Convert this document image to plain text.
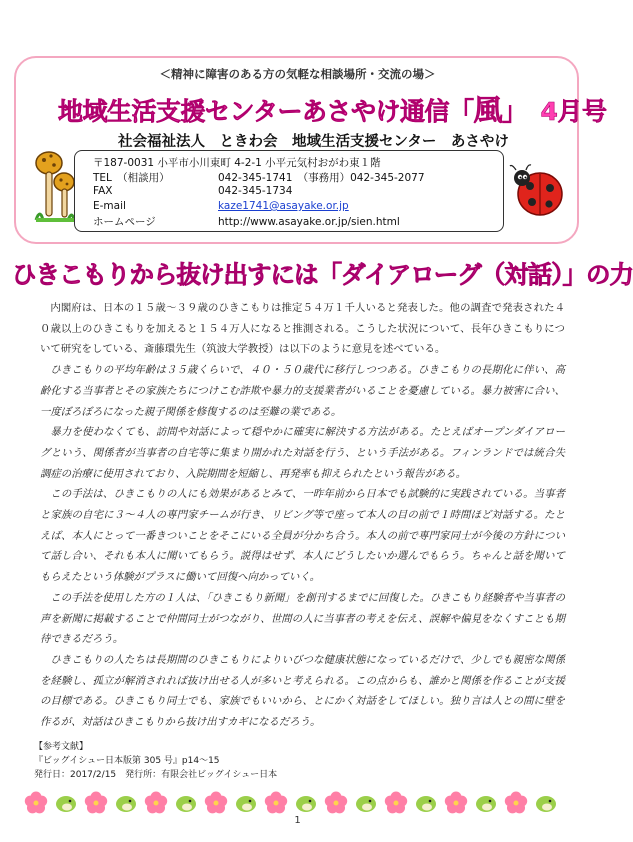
＜精神に障害のある方の気軽な相談場所・交流の場＞
地域生活支援センターあさやけ通信「風」 4月号
社会福祉法人　ときわ会　地域生活支援センター　あさやけ
〒187-0031 小平市小川東町 4-2-1 小平元気村おがわ東１階
TEL　（相談用）	042-345-1741　（事務用）042-345-2077
FAX	042-345-1734
E-mail	kaze1741@asayake.or.jp
ホームページ	http://www.asayake.or.jp/sien.html
ひきこもりから抜け出すには「ダイアローグ（対話）」の力

内閣府は、日本の１５歳～３９歳のひきこもりは推定５４万１千人いると発表した。他の調査で発表された４０歳以上のひきこもりを加えると１５４万人になると推測される。こうした状況について、長年ひきこもりについて研究をしている、斎藤環先生（筑波大学教授）は以下のように意見を述べている。

ひきこもりの平均年齢は３５歳くらいで、４０・５０歳代に移行しつつある。ひきこもりの長期化に伴い、高齢化する当事者とその家族たちにつけこむ詐欺や暴力的支援業者がいることを憂慮している。暴力被害に合い、一度ぼろぼろになった親子関係を修復するのは至難の業である。

暴力を使わなくても、訪問や対話によって穏やかに確実に解決する方法がある。たとえばオープンダイアローグという、関係者が当事者の自宅等に集まり開かれた対話を行う、という手法がある。フィンランドでは統合失調症の治療に使用されており、入院期間を短縮し、再発率も抑えられたという報告がある。

この手法は、ひきこもりの人にも効果があるとみて、一昨年前から日本でも試験的に実践されている。当事者と家族の自宅に３～４人の専門家チームが行き、リビング等で座って本人の目の前で１時間ほど対話する。たとえば、本人にとって一番きついことをそこにいる全員が分かち合う。本人の前で専門家同士が今後の方針について話し合い、それも本人に聞いてもらう。説得はせず、本人にどうしたいか選んでもらう。ちゃんと話を聞いてもらえたという体験がプラスに働いて回復へ向かっていく。

この手法を使用した方の１人は、「ひきこもり新聞」を創刊するまでに回復した。ひきこもり経験者や当事者の声を新聞に掲載することで仲間同士がつながり、世間の人に当事者の考えを伝え、誤解や偏見をなくすことも期待できるだろう。

ひきこもりの人たちは長期間のひきこもりによりいびつな健康状態になっているだけで、少しでも親密な関係を経験し、孤立が解消されれば抜け出せる人が多いと考えられる。この点からも、誰かと関係を作ることが支援の目標である。ひきこもり同士でも、家族でもいいから、とにかく対話をしてほしい。独り言は人との間に壁を作るが、対話はひきこもりから抜け出すカギになるだろう。

【参考文献】
『ビッグイシュー日本版第 305 号』p14～15
発行日：2017/2/15　発行所：有限会社ビッグイシュー日本
1
